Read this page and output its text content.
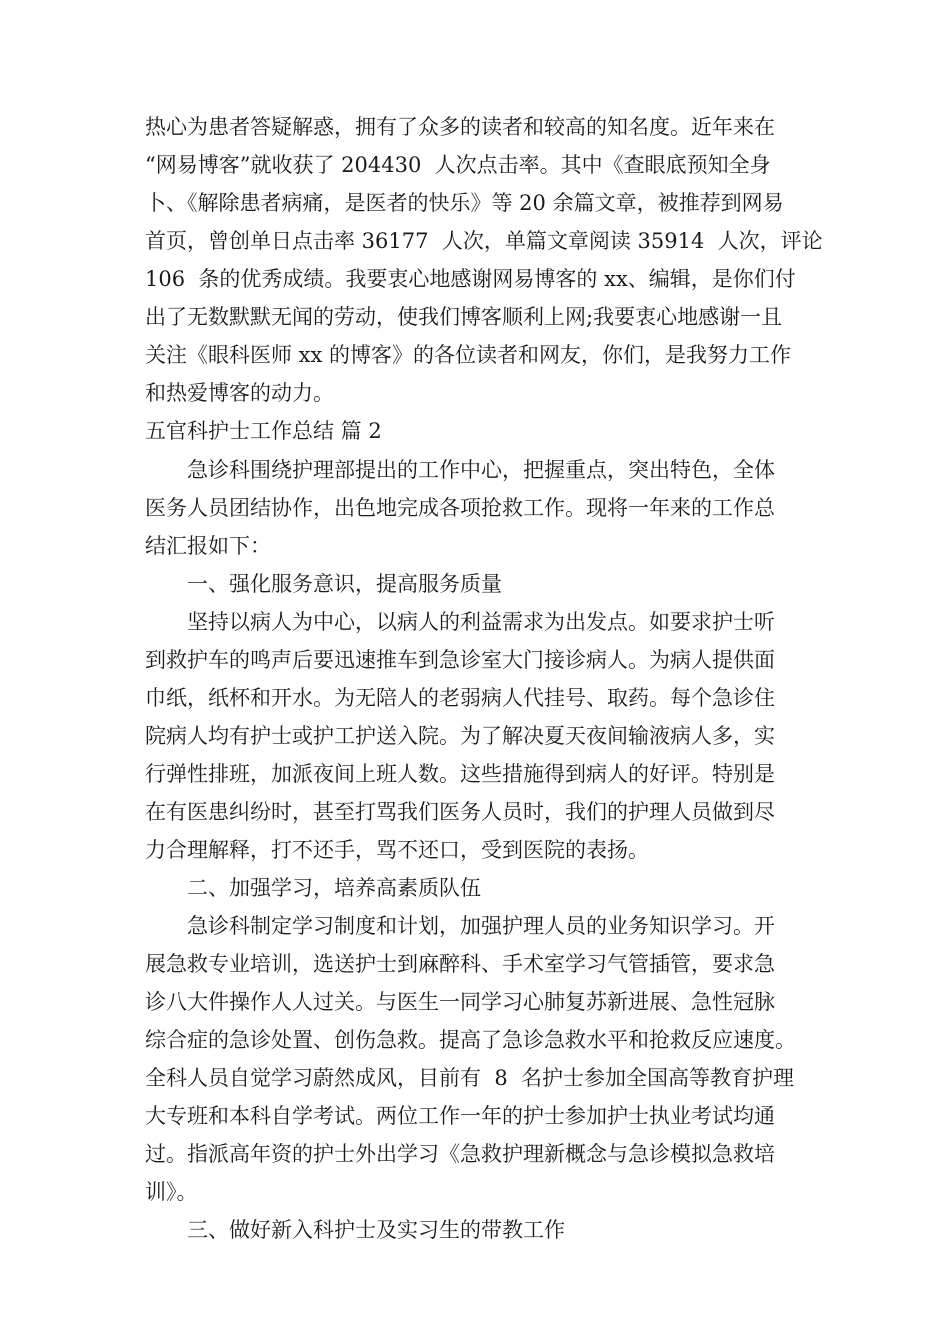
热心为患者答疑解惑，拥有了众多的读者和较高的知名度。近年来在

“网易博客”就收获了 204430  人次点击率。其中《查眼底预知全身

卜、《解除患者病痛，是医者的快乐》等 20 余篇文章，被推荐到网易

首页，曾创单日点击率 36177  人次，单篇文章阅读 35914  人次，评论

106  条的优秀成绩。我要衷心地感谢网易博客的 xx、编辑，是你们付

出了无数默默无闻的劳动，使我们博客顺利上网;我要衷心地感谢一且

关注《眼科医师 xx 的博客》的各位读者和网友，你们，是我努力工作

和热爱博客的动力。

五官科护士工作总结 篇 2

急诊科围绕护理部提出的工作中心，把握重点，突出特色，全体

医务人员团结协作，出色地完成各项抢救工作。现将一年来的工作总

结汇报如下：

一、强化服务意识，提高服务质量

坚持以病人为中心，以病人的利益需求为出发点。如要求护士听

到救护车的鸣声后要迅速推车到急诊室大门接诊病人。为病人提供面

巾纸，纸杯和开水。为无陪人的老弱病人代挂号、取药。每个急诊住

院病人均有护士或护工护送入院。为了解决夏天夜间输液病人多，实

行弹性排班，加派夜间上班人数。这些措施得到病人的好评。特别是

在有医患纠纷时，甚至打骂我们医务人员时，我们的护理人员做到尽

力合理解释，打不还手，骂不还口，受到医院的表扬。

二、加强学习，培养高素质队伍

急诊科制定学习制度和计划，加强护理人员的业务知识学习。开

展急救专业培训，选送护士到麻醉科、手术室学习气管插管，要求急

诊八大件操作人人过关。与医生一同学习心肺复苏新进展、急性冠脉

综合症的急诊处置、创伤急救。提高了急诊急救水平和抢救反应速度。

全科人员自觉学习蔚然成风，目前有  8  名护士参加全国高等教育护理

大专班和本科自学考试。两位工作一年的护士参加护士执业考试均通

过。指派高年资的护士外出学习《急救护理新概念与急诊模拟急救培

训》。

三、做好新入科护士及实习生的带教工作
